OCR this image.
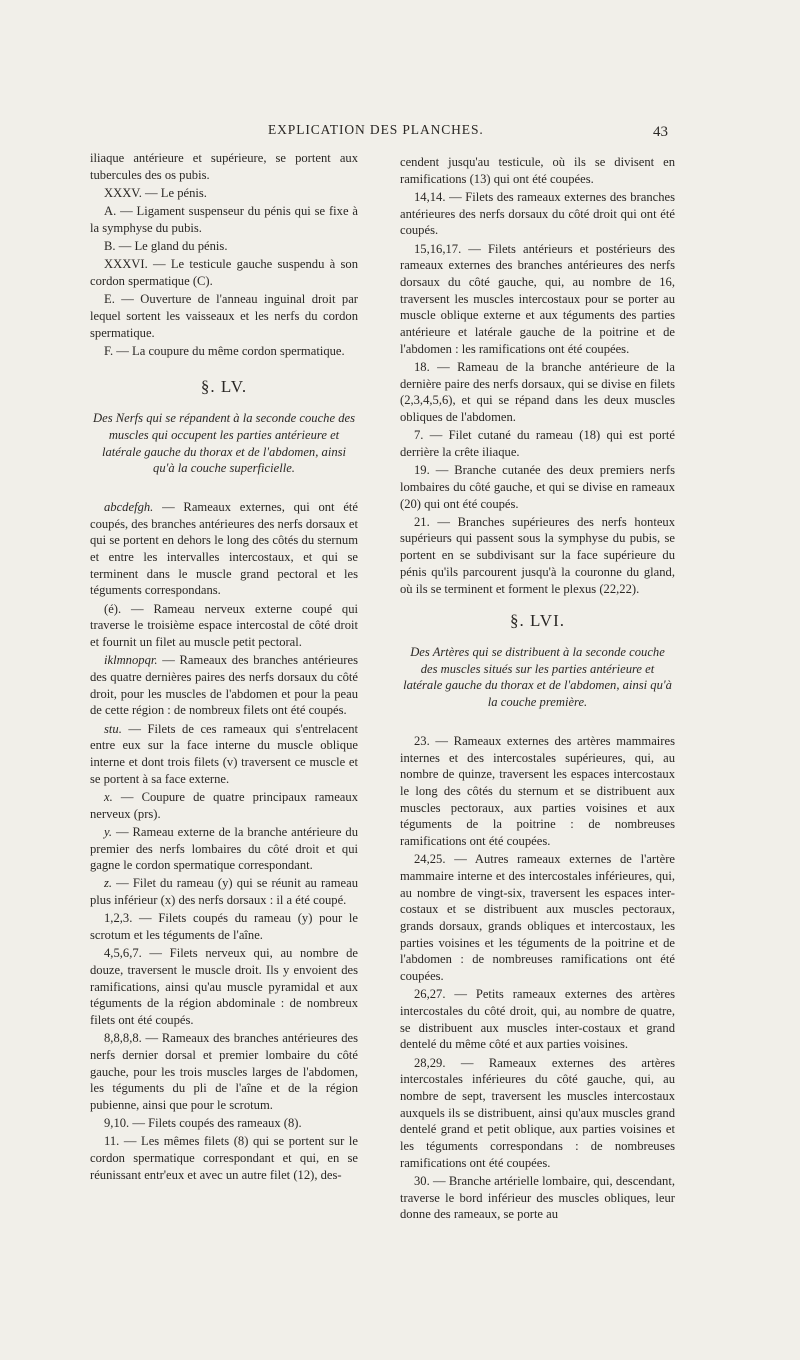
EXPLICATION DES PLANCHES.	43

iliaque antérieure et supérieure, se portent aux tubercules des os pubis.

XXXV. — Le pénis.

A. — Ligament suspenseur du pénis qui se fixe à la symphyse du pubis.

B. — Le gland du pénis.

XXXVI. — Le testicule gauche suspendu à son cordon spermatique (C).

E. — Ouverture de l'anneau inguinal droit par lequel sortent les vaisseaux et les nerfs du cordon spermatique.

F. — La coupure du même cordon spermatique.

§. LV.
Des Nerfs qui se répandent à la seconde couche des muscles qui occupent les parties antérieure et latérale gauche du thorax et de l'abdomen, ainsi qu'à la couche superficielle.

abcdefgh. — Rameaux externes, qui ont été coupés, des branches antérieures des nerfs dorsaux et qui se portent en dehors le long des côtés du sternum et entre les intervalles intercostaux, et qui se terminent dans le muscle grand pectoral et les téguments correspondans.

(é). — Rameau nerveux externe coupé qui traverse le troisième espace intercostal de côté droit et fournit un filet au muscle petit pectoral.

iklmnopqr. — Rameaux des branches antérieures des quatre dernières paires des nerfs dorsaux du côté droit, pour les muscles de l'abdomen et pour la peau de cette région : de nombreux filets ont été coupés.

stu. — Filets de ces rameaux qui s'entrelacent entre eux sur la face interne du muscle oblique interne et dont trois filets (v) traversent ce muscle et se portent à sa face externe.

x. — Coupure de quatre principaux rameaux nerveux (prs).

y. — Rameau externe de la branche antérieure du premier des nerfs lombaires du côté droit et qui gagne le cordon spermatique correspondant.

z. — Filet du rameau (y) qui se réunit au rameau plus inférieur (x) des nerfs dorsaux : il a été coupé.

1,2,3. — Filets coupés du rameau (y) pour le scrotum et les téguments de l'aîne.

4,5,6,7. — Filets nerveux qui, au nombre de douze, traversent le muscle droit. Ils y envoient des ramifications, ainsi qu'au muscle pyramidal et aux téguments de la région abdominale : de nombreux filets ont été coupés.

8,8,8,8. — Rameaux des branches antérieures des nerfs dernier dorsal et premier lombaire du côté gauche, pour les trois muscles larges de l'abdomen, les téguments du pli de l'aîne et de la région pubienne, ainsi que pour le scrotum.

9,10. — Filets coupés des rameaux (8).

11. — Les mêmes filets (8) qui se portent sur le cordon spermatique correspondant et qui, en se réunissant entr'eux et avec un autre filet (12), des-

cendent jusqu'au testicule, où ils se divisent en ramifications (13) qui ont été coupées.

14,14. — Filets des rameaux externes des branches antérieures des nerfs dorsaux du côté droit qui ont été coupés.

15,16,17. — Filets antérieurs et postérieurs des rameaux externes des branches antérieures des nerfs dorsaux du côté gauche, qui, au nombre de 16, traversent les muscles intercostaux pour se porter au muscle oblique externe et aux téguments des parties antérieure et latérale gauche de la poitrine et de l'abdomen : les ramifications ont été coupées.

18. — Rameau de la branche antérieure de la dernière paire des nerfs dorsaux, qui se divise en filets (2,3,4,5,6), et qui se répand dans les deux muscles obliques de l'abdomen.

7. — Filet cutané du rameau (18) qui est porté derrière la crête iliaque.

19. — Branche cutanée des deux premiers nerfs lombaires du côté gauche, et qui se divise en rameaux (20) qui ont été coupés.

21. — Branches supérieures des nerfs honteux supérieurs qui passent sous la symphyse du pubis, se portent en se subdivisant sur la face supérieure du pénis qu'ils parcourent jusqu'à la couronne du gland, où ils se terminent et forment le plexus (22,22).

§. LVI.
Des Artères qui se distribuent à la seconde couche des muscles situés sur les parties antérieure et latérale gauche du thorax et de l'abdomen, ainsi qu'à la couche première.

23. — Rameaux externes des artères mammaires internes et des intercostales supérieures, qui, au nombre de quinze, traversent les espaces intercostaux le long des côtés du sternum et se distribuent aux muscles pectoraux, aux parties voisines et aux téguments de la poitrine : de nombreuses ramifications ont été coupées.

24,25. — Autres rameaux externes de l'artère mammaire interne et des intercostales inférieures, qui, au nombre de vingt-six, traversent les espaces inter-costaux et se distribuent aux muscles pectoraux, grands dorsaux, grands obliques et intercostaux, les parties voisines et les téguments de la poitrine et de l'abdomen : de nombreuses ramifications ont été coupées.

26,27. — Petits rameaux externes des artères intercostales du côté droit, qui, au nombre de quatre, se distribuent aux muscles inter-costaux et grand dentelé du même côté et aux parties voisines.

28,29. — Rameaux externes des artères intercostales inférieures du côté gauche, qui, au nombre de sept, traversent les muscles intercostaux auxquels ils se distribuent, ainsi qu'aux muscles grand dentelé grand et petit oblique, aux parties voisines et les téguments correspondans : de nombreuses ramifications ont été coupées.

30. — Branche artérielle lombaire, qui, descendant, traverse le bord inférieur des muscles obliques, leur donne des rameaux, se porte au
